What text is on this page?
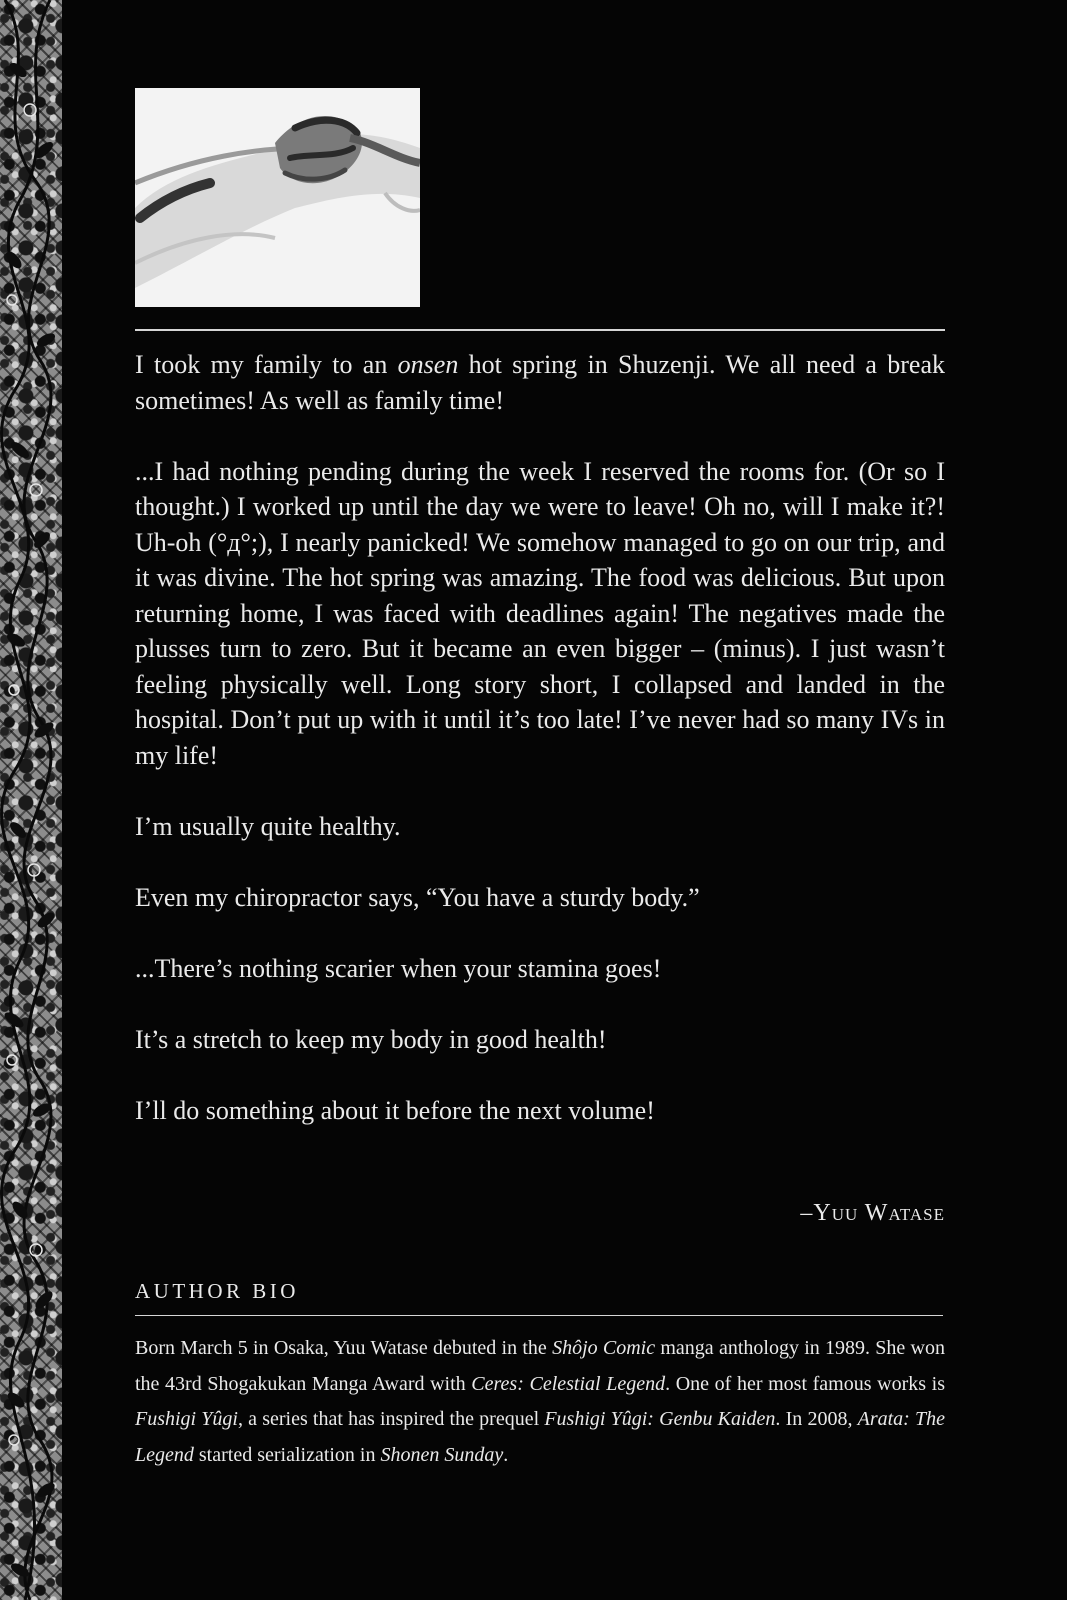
I took my family to an onsen hot spring in Shuzenji. We all need a break sometimes! As well as family time!

...I had nothing pending during the week I reserved the rooms for. (Or so I thought.) I worked up until the day we were to leave! Oh no, will I make it?! Uh-oh (°д°;), I nearly panicked! We somehow managed to go on our trip, and it was divine. The hot spring was amazing. The food was delicious. But upon returning home, I was faced with deadlines again! The negatives made the plusses turn to zero. But it became an even bigger – (minus). I just wasn’t feeling physically well. Long story short, I collapsed and landed in the hospital. Don’t put up with it until it’s too late! I’ve never had so many IVs in my life!

I’m usually quite healthy.

Even my chiropractor says, “You have a sturdy body.”

...There’s nothing scarier when your stamina goes!

It’s a stretch to keep my body in good health!

I’ll do something about it before the next volume!

–Yuu Watase
AUTHOR BIO

Born March 5 in Osaka, Yuu Watase debuted in the Shôjo Comic manga anthology in 1989. She won the 43rd Shogakukan Manga Award with Ceres: Celestial Legend. One of her most famous works is Fushigi Yûgi, a series that has inspired the prequel Fushigi Yûgi: Genbu Kaiden. In 2008, Arata: The Legend started serialization in Shonen Sunday.
